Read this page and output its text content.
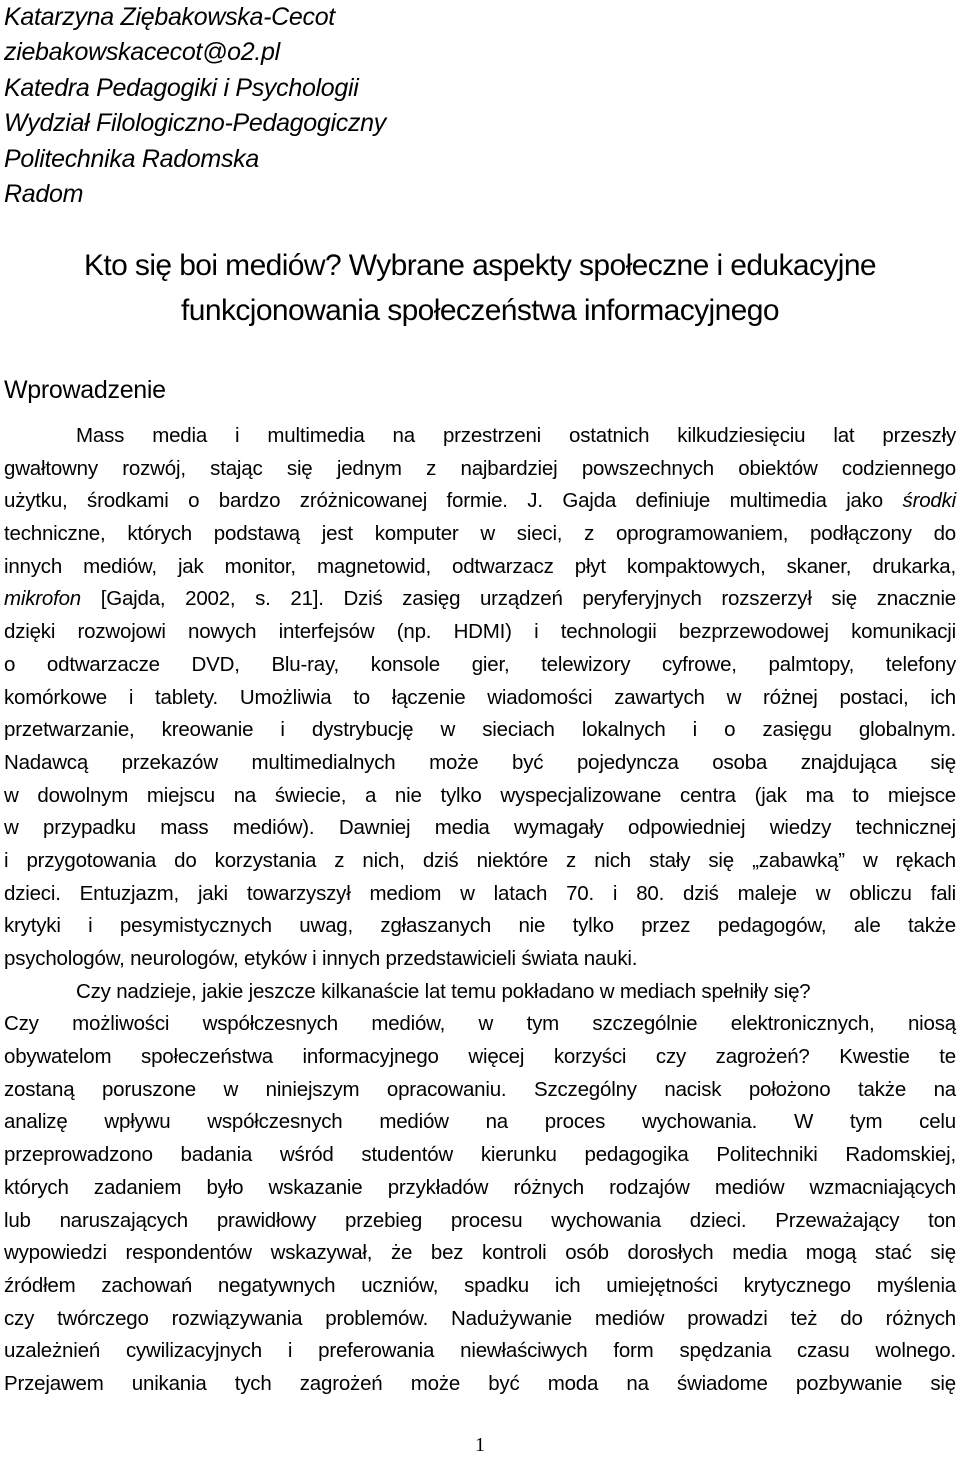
Katarzyna Ziębakowska-Cecot
ziebakowskacecot@o2.pl
Katedra Pedagogiki i Psychologii
Wydział Filologiczno-Pedagogiczny
Politechnika Radomska
Radom
Kto się boi mediów? Wybrane aspekty społeczne i edukacyjne
funkcjonowania społeczeństwa informacyjnego
Wprowadzenie
Mass media i multimedia na przestrzeni ostatnich kilkudziesięciu lat przeszły
gwałtowny rozwój, stając się jednym z najbardziej powszechnych obiektów codziennego
użytku, środkami o bardzo zróżnicowanej formie. J. Gajda definiuje multimedia jako środki
techniczne, których podstawą jest komputer w sieci, z oprogramowaniem, podłączony do
innych mediów, jak monitor, magnetowid, odtwarzacz płyt kompaktowych, skaner, drukarka,
mikrofon [Gajda, 2002, s. 21]. Dziś zasięg urządzeń peryferyjnych rozszerzył się znacznie
dzięki rozwojowi nowych interfejsów (np. HDMI) i technologii bezprzewodowej komunikacji
o odtwarzacze DVD, Blu-ray, konsole gier, telewizory cyfrowe, palmtopy, telefony
komórkowe i tablety. Umożliwia to łączenie wiadomości zawartych w różnej postaci, ich
przetwarzanie, kreowanie i dystrybucję w sieciach lokalnych i o zasięgu globalnym.
Nadawcą przekazów multimedialnych może być pojedyncza osoba znajdująca się
w dowolnym miejscu na świecie, a nie tylko wyspecjalizowane centra (jak ma to miejsce
w przypadku mass mediów). Dawniej media wymagały odpowiedniej wiedzy technicznej
i przygotowania do korzystania z nich, dziś niektóre z nich stały się „zabawką” w rękach
dzieci. Entuzjazm, jaki towarzyszył mediom w latach 70. i 80. dziś maleje w obliczu fali
krytyki i pesymistycznych uwag, zgłaszanych nie tylko przez pedagogów, ale także
psychologów, neurologów, etyków i innych przedstawicieli świata nauki.
Czy nadzieje, jakie jeszcze kilkanaście lat temu pokładano w mediach spełniły się?
Czy możliwości współczesnych mediów, w tym szczególnie elektronicznych, niosą
obywatelom społeczeństwa informacyjnego więcej korzyści czy zagrożeń? Kwestie te
zostaną poruszone w niniejszym opracowaniu. Szczególny nacisk położono także na
analizę wpływu współczesnych mediów na proces wychowania. W tym celu
przeprowadzono badania wśród studentów kierunku pedagogika Politechniki Radomskiej,
których zadaniem było wskazanie przykładów różnych rodzajów mediów wzmacniających
lub naruszających prawidłowy przebieg procesu wychowania dzieci. Przeważający ton
wypowiedzi respondentów wskazywał, że bez kontroli osób dorosłych media mogą stać się
źródłem zachowań negatywnych uczniów, spadku ich umiejętności krytycznego myślenia
czy twórczego rozwiązywania problemów. Nadużywanie mediów prowadzi też do różnych
uzależnień cywilizacyjnych i preferowania niewłaściwych form spędzania czasu wolnego.
Przejawem unikania tych zagrożeń może być moda na świadome pozbywanie się
1
